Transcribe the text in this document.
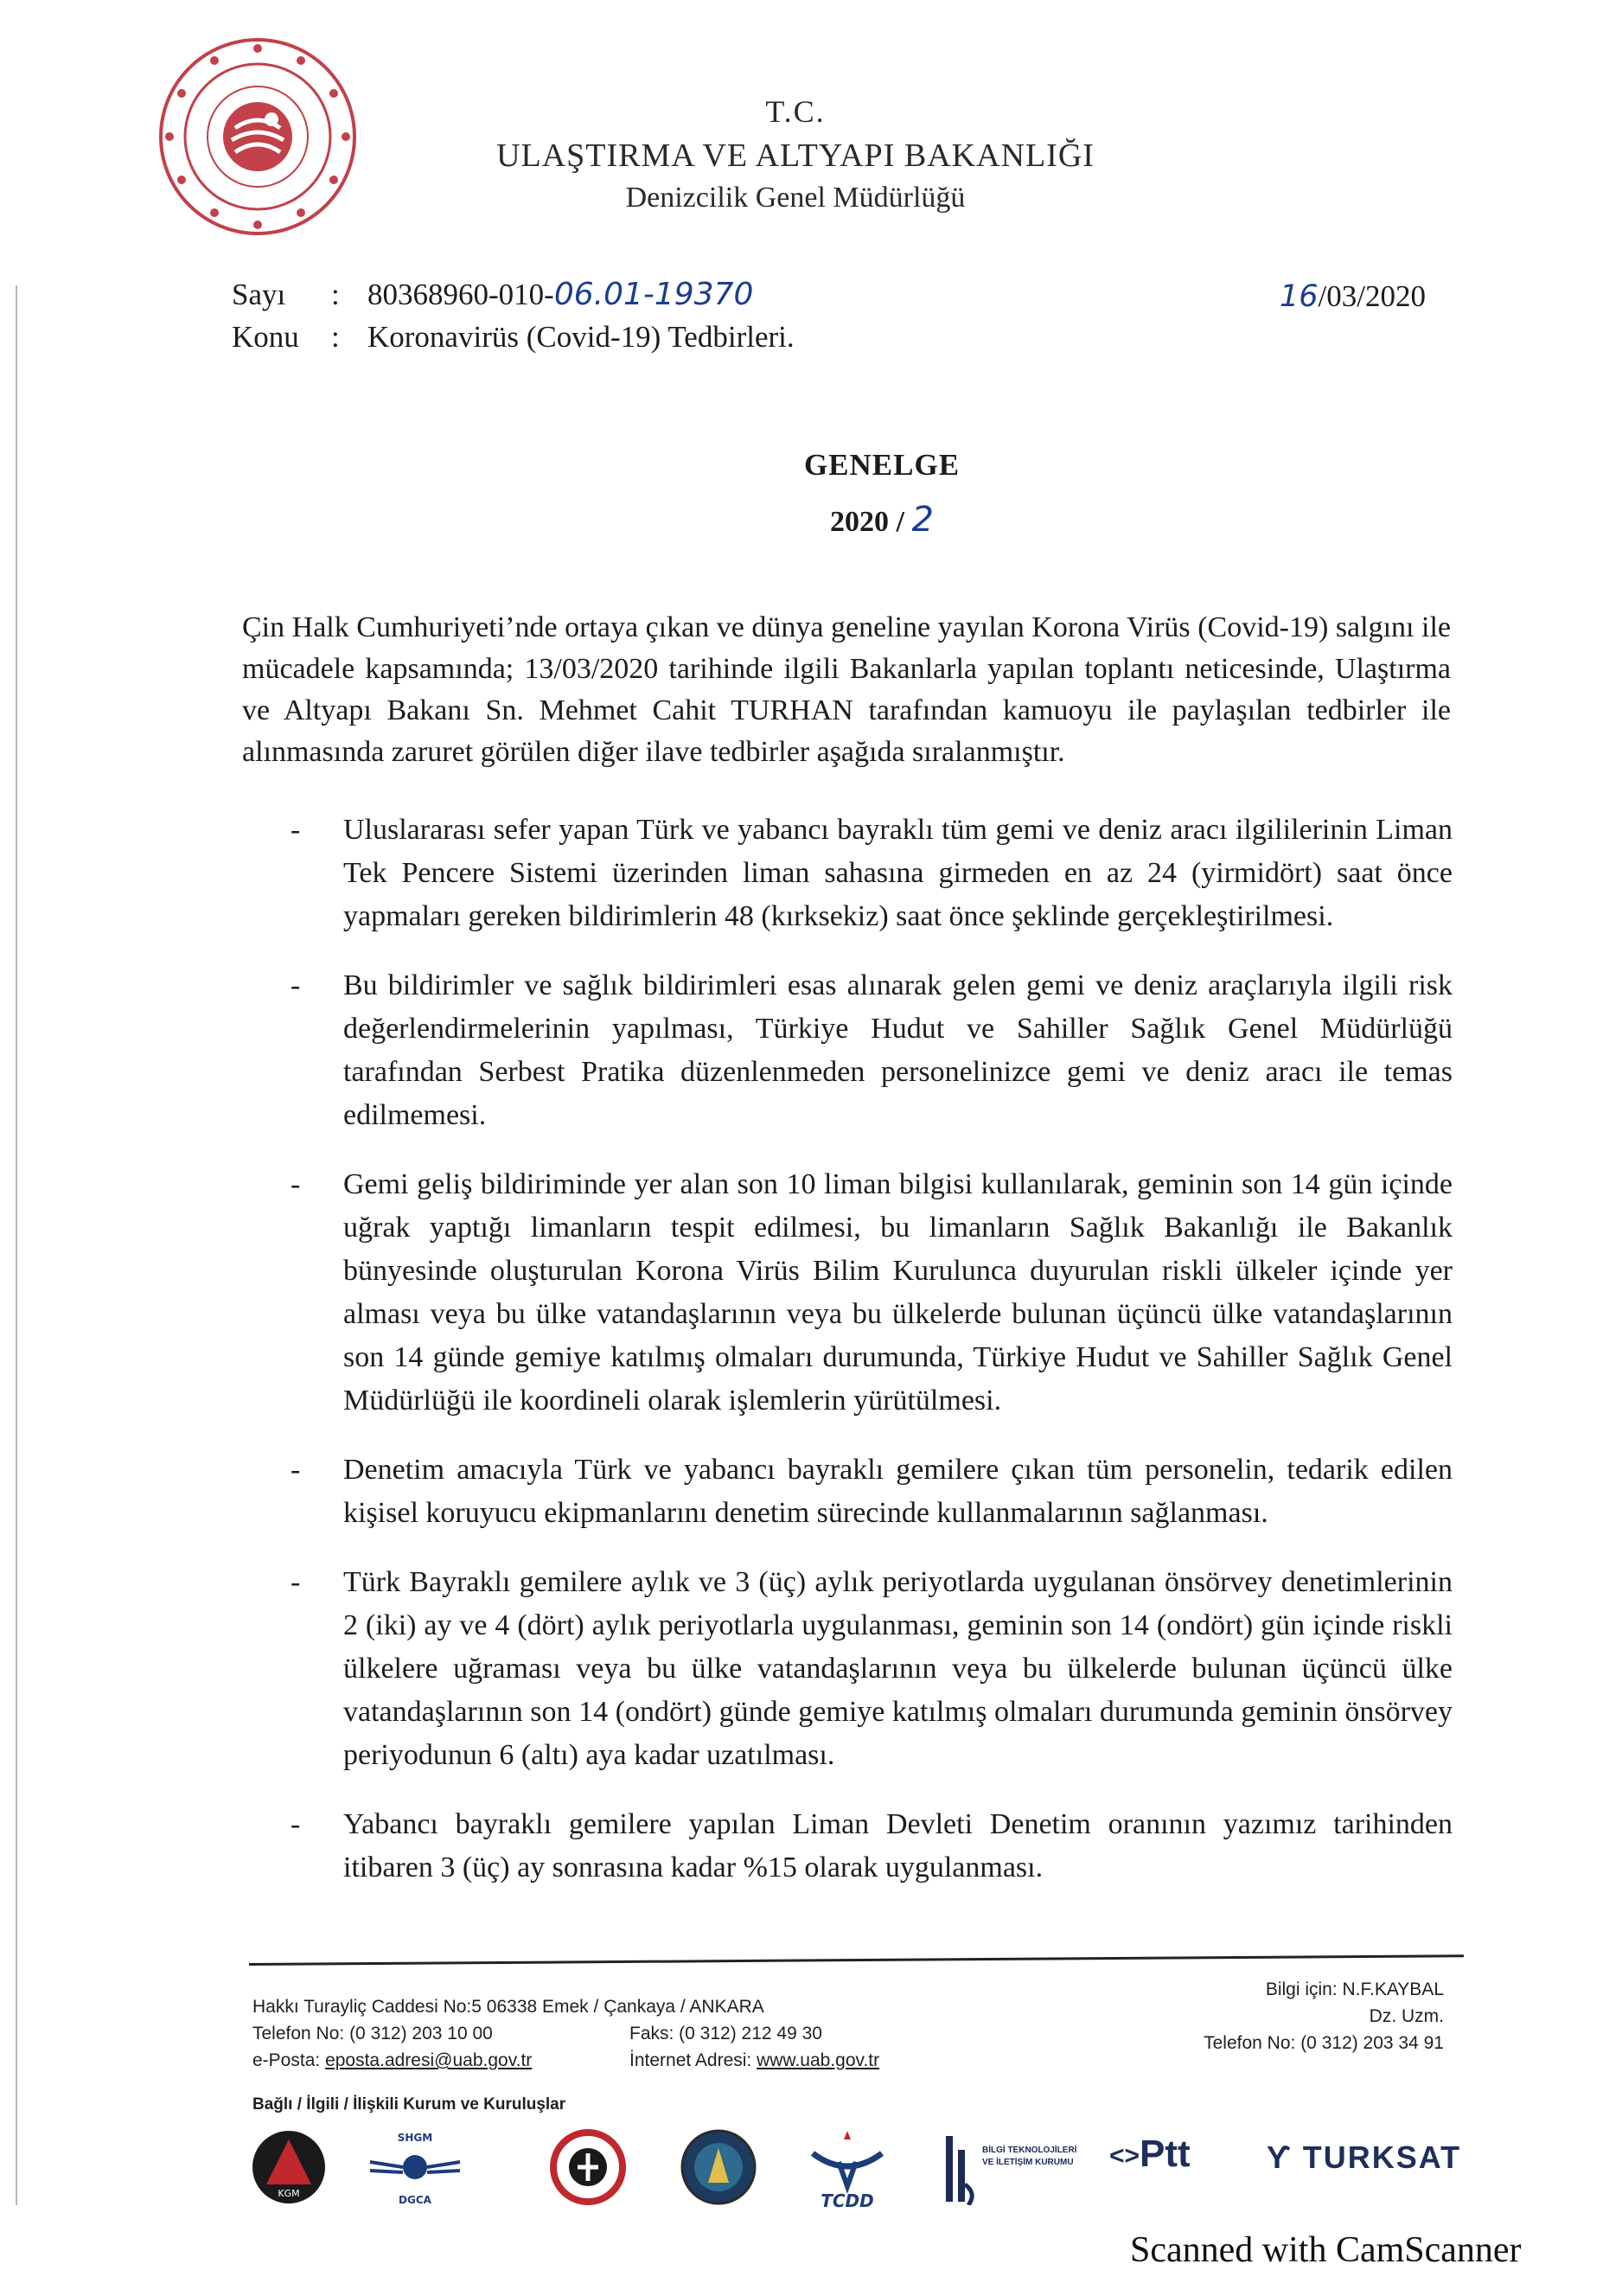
T.C.
ULAŞTIRMA VE ALTYAPI BAKANLIĞI
Denizcilik Genel Müdürlüğü
Sayı : 80368960-010-06.01-19370
Konu : Koronavirüs (Covid-19) Tedbirleri.
16/03/2020
GENELGE
2020 / 2
Çin Halk Cumhuriyeti’nde ortaya çıkan ve dünya geneline yayılan Korona Virüs (Covid-19) salgını ile mücadele kapsamında; 13/03/2020 tarihinde ilgili Bakanlarla yapılan toplantı neticesinde, Ulaştırma ve Altyapı Bakanı Sn. Mehmet Cahit TURHAN tarafından kamuoyu ile paylaşılan tedbirler ile alınmasında zaruret görülen diğer ilave tedbirler aşağıda sıralanmıştır.
- Uluslararası sefer yapan Türk ve yabancı bayraklı tüm gemi ve deniz aracı ilgililerinin Liman Tek Pencere Sistemi üzerinden liman sahasına girmeden en az 24 (yirmidört) saat önce yapmaları gereken bildirimlerin 48 (kırksekiz) saat önce şeklinde gerçekleştirilmesi.
- Bu bildirimler ve sağlık bildirimleri esas alınarak gelen gemi ve deniz araçlarıyla ilgili risk değerlendirmelerinin yapılması, Türkiye Hudut ve Sahiller Sağlık Genel Müdürlüğü tarafından Serbest Pratika düzenlenmeden personelinizce gemi ve deniz aracı ile temas edilmemesi.
- Gemi geliş bildiriminde yer alan son 10 liman bilgisi kullanılarak, geminin son 14 gün içinde uğrak yaptığı limanların tespit edilmesi, bu limanların Sağlık Bakanlığı ile Bakanlık bünyesinde oluşturulan Korona Virüs Bilim Kurulunca duyurulan riskli ülkeler içinde yer alması veya bu ülke vatandaşlarının veya bu ülkelerde bulunan üçüncü ülke vatandaşlarının son 14 günde gemiye katılmış olmaları durumunda, Türkiye Hudut ve Sahiller Sağlık Genel Müdürlüğü ile koordineli olarak işlemlerin yürütülmesi.
- Denetim amacıyla Türk ve yabancı bayraklı gemilere çıkan tüm personelin, tedarik edilen kişisel koruyucu ekipmanlarını denetim sürecinde kullanmalarının sağlanması.
- Türk Bayraklı gemilere aylık ve 3 (üç) aylık periyotlarda uygulanan önsörvey denetimlerinin 2 (iki) ay ve 4 (dört) aylık periyotlarla uygulanması, geminin son 14 (ondört) gün içinde riskli ülkelere uğraması veya bu ülke vatandaşlarının veya bu ülkelerde bulunan üçüncü ülke vatandaşlarının son 14 (ondört) günde gemiye katılmış olmaları durumunda geminin önsörvey periyodunun 6 (altı) aya kadar uzatılması.
- Yabancı bayraklı gemilere yapılan Liman Devleti Denetim oranının yazımız tarihinden itibaren 3 (üç) ay sonrasına kadar %15 olarak uygulanması.
Hakkı Turayliç Caddesi No:5 06338 Emek / Çankaya / ANKARA
Telefon No: (0 312) 203 10 00
e-Posta: eposta.adresi@uab.gov.tr
Faks: (0 312) 212 49 30
İnternet Adresi: www.uab.gov.tr
Bilgi için: N.F.KAYBAL
Dz. Uzm.
Telefon No: (0 312) 203 34 91
Bağlı / İlgili / İlişkili Kurum ve Kuruluşlar
KGM
SHGM
DGCA	TCDD
BİLGİ TEKNOLOJİLERİ VE İLETİŞİM KURUMU <>Ptt ϒ TURKSAT
Scanned with CamScanner
